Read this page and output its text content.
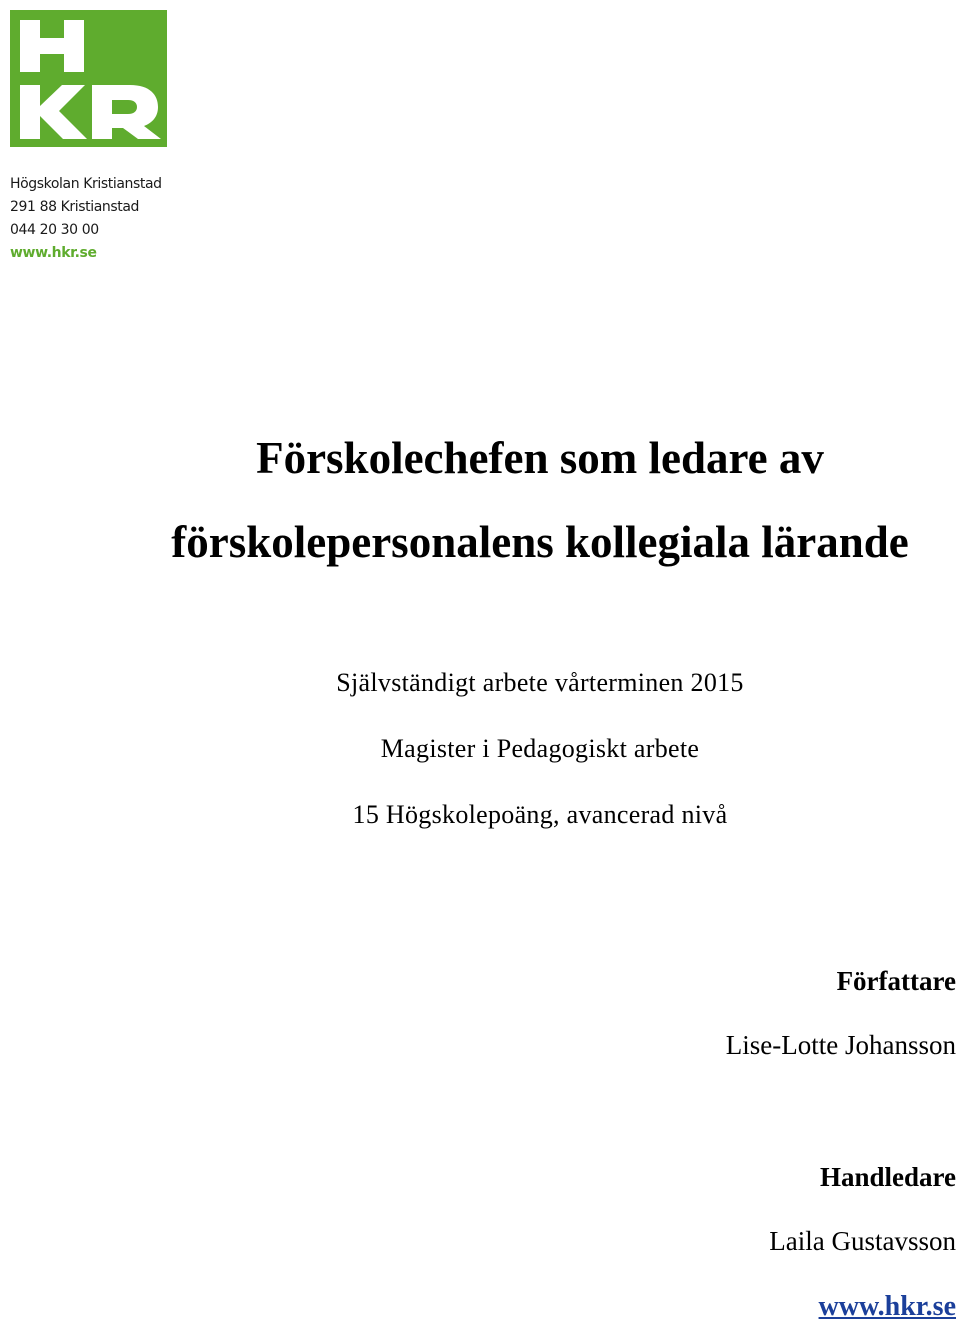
Högskolan Kristianstad
291 88 Kristianstad
044 20 30 00
www.hkr.se
Förskolechefen som ledare av
förskolepersonalens kollegiala lärande
Självständigt arbete vårterminen 2015
Magister i Pedagogiskt arbete
15 Högskolepoäng, avancerad nivå
Författare
Lise-Lotte Johansson
Handledare
Laila Gustavsson
www.hkr.se
